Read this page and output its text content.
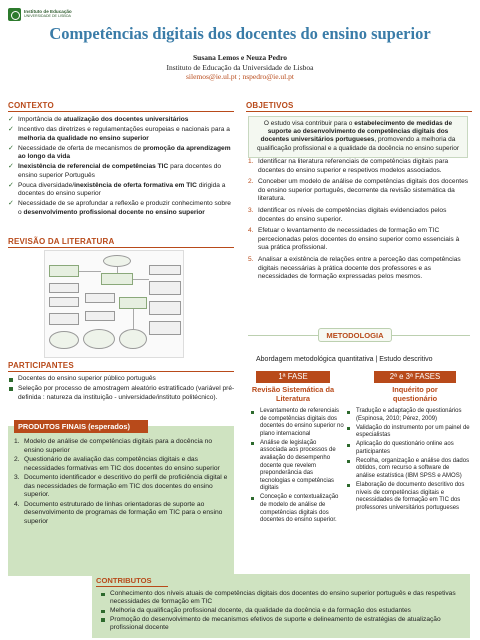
Instituto de Educação
UNIVERSIDADE DE LISBOA
Competências digitais dos docentes do ensino superior
Susana Lemos e Neuza Pedro
Instituto de Educação da Universidade de Lisboa
silemos@ie.ul.pt ; nspedro@ie.ul.pt
CONTEXTO
✓ Importância de atualização dos docentes universitários
✓ Incentivo das diretrizes e regulamentações europeias e nacionais para a melhoria da qualidade no ensino superior
✓ Necessidade de oferta de mecanismos de promoção da aprendizagem ao longo da vida
✓ Inexistência de referencial de competências TIC para docentes do ensino superior Português
✓ Pouca diversidade/inexistência de oferta formativa em TIC dirigida a docentes do ensino superior
✓ Necessidade de se aprofundar a reflexão e produzir conhecimento sobre o desenvolvimento profissional docente no ensino superior
REVISÃO DA LITERATURA
PARTICIPANTES
Docentes do ensino superior público português
Seleção por processo de amostragem aleatório estratificado (variável pré-definida : natureza da instituição - universidade/instituto politécnico).
PRODUTOS FINAIS (esperados)
1. Modelo de análise de competências digitais para a docência no ensino superior
2. Questionário de avaliação das competências digitais e das necessidades formativas em TIC dos docentes do ensino superior
3. Documento identificador e descritivo do perfil de proficiência digital e das necessidades de formação em TIC dos docentes do ensino superior.
4. Documento estruturado de linhas orientadoras de suporte ao desenvolvimento de programas de formação em TIC para o ensino superior
OBJETIVOS
O estudo visa contribuir para o estabelecimento de medidas de suporte ao desenvolvimento de competências digitais dos docentes universitários portugueses, promovendo a melhoria da qualificação profissional e a qualidade da docência no ensino superior
1. Identificar na literatura referenciais de competências digitais para docentes do ensino superior e respetivos modelos associados.
2. Conceber um modelo de análise de competências digitais dos docentes do ensino superior português, decorrente da revisão sistemática da literatura.
3. Identificar os níveis de competências digitais evidenciados pelos docentes do ensino superior.
4. Efetuar o levantamento de necessidades de formação em TIC percecionadas pelos docentes do ensino superior como essenciais à sua prática profissional.
5. Analisar a existência de relações entre a perceção das competências digitais necessárias à prática docente dos professores e as necessidades de formação expressadas pelos mesmos.
METODOLOGIA
Abordagem metodológica quantitativa | Estudo descritivo
1ª FASE
Revisão Sistemática da Literatura
Levantamento de referenciais de competências digitais dos docentes do ensino superior no plano internacional
Análise de legislação associada aos processos de avaliação do desempenho docente que revelem preponderância das tecnologias e competências digitais
Conceção e contextualização de modelo de análise de competências digitais dos docentes do ensino superior.
2ª e 3ª FASES
Inquérito por questionário
Tradução e adaptação de questionários (Espinosa, 2010; Pérez, 2009)
Validação do instrumento por um painel de especialistas
Aplicação do questionário online aos participantes
Recolha, organização e análise dos dados obtidos, com recurso a software de análise estatística (IBM SPSS e AMOS)
Elaboração de documento descritivo dos níveis de competências digitais e necessidades de formação em TIC dos professores universitários portugueses
CONTRIBUTOS
Conhecimento dos níveis atuais de competências digitais dos docentes do ensino superior português e das respetivas necessidades de formação em TIC
Melhoria da qualificação profissional docente, da qualidade da docência e da formação dos estudantes
Promoção do desenvolvimento de mecanismos efetivos de suporte e delineamento de estratégias de atualização profissional docente
